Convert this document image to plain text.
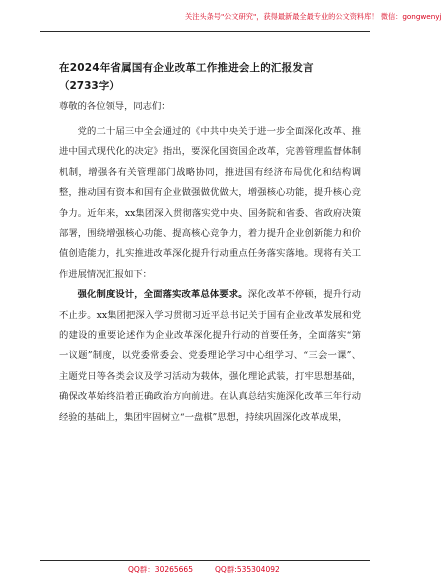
关注头条号"公文研究"，获得最新最全最专业的公文资料库！ 微信：gongwenyj
在2024年省属国有企业改革工作推进会上的汇报发言
（2733字）
尊敬的各位领导，同志们：

党的二十届三中全会通过的《中共中央关于进一步全面深化改革、推进中国式现代化的决定》指出，要深化国资国企改革，完善管理监督体制机制，增强各有关管理部门战略协同，推进国有经济布局优化和结构调整，推动国有资本和国有企业做强做优做大，增强核心功能，提升核心竞争力。近年来，xx集团深入贯彻落实党中央、国务院和省委、省政府决策部署，围绕增强核心功能、提高核心竞争力，着力提升企业创新能力和价值创造能力，扎实推进改革深化提升行动重点任务落实落地。现将有关工作进展情况汇报如下：

强化制度设计，全面落实改革总体要求。深化改革不停顿，提升行动不止步。xx集团把深入学习贯彻习近平总书记关于国有企业改革发展和党的建设的重要论述作为企业改革深化提升行动的首要任务，全面落实“第一议题”制度，以党委常委会、党委理论学习中心组学习、“三会一课”、主题党日等各类会议及学习活动为载体，强化理论武装，打牢思想基础，确保改革始终沿着正确政治方向前进。在认真总结实施深化改革三年行动经验的基础上，集团牢固树立“一盘棋”思想，持续巩固深化改革成果，

QQ群：30265665	QQ群:535304092
